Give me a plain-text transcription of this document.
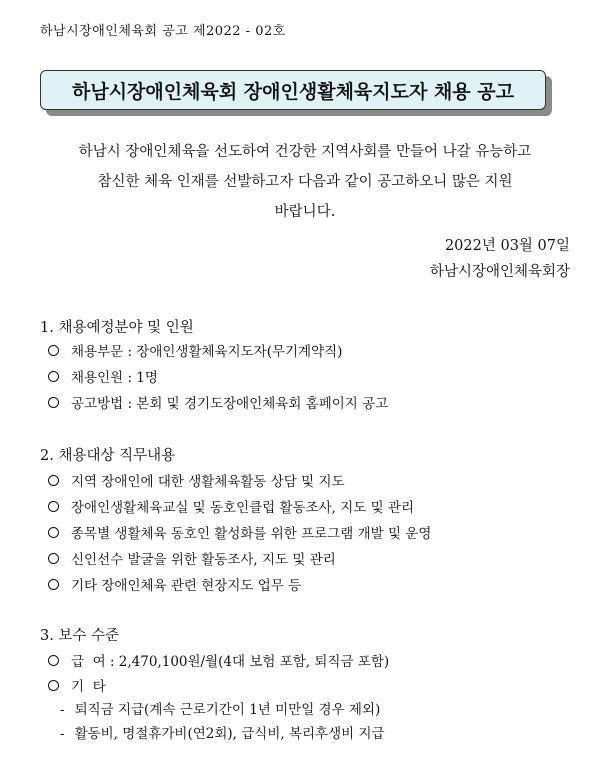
하남시장애인체육회 공고 제2022 - 02호
하남시장애인체육회 장애인생활체육지도자 채용 공고
하남시 장애인체육을 선도하여 건강한 지역사회를 만들어 나갈 유능하고
참신한 체육 인재를 선발하고자 다음과 같이 공고하오니 많은 지원
바랍니다.
2022년 03월 07일
하남시장애인체육회장
1. 채용예정분야 및 인원
채용부문 : 장애인생활체육지도자(무기계약직)
채용인원 : 1명
공고방법 : 본회 및 경기도장애인체육회 홈페이지 공고
2. 채용대상 직무내용
지역 장애인에 대한 생활체육활동 상담 및 지도
장애인생활체육교실 및 동호인클럽 활동조사, 지도 및 관리
종목별 생활체육 동호인 활성화를 위한 프로그램 개발 및 운영
신인선수 발굴을 위한 활동조사, 지도 및 관리
기타 장애인체육 관련 현장지도 업무 등
3. 보수 수준
급  여 : 2,470,100원/월(4대 보험 포함, 퇴직금 포함)
기  타
- 퇴직금 지급(계속 근로기간이 1년 미만일 경우 제외)
- 활동비, 명절휴가비(연2회), 급식비, 복리후생비 지급
